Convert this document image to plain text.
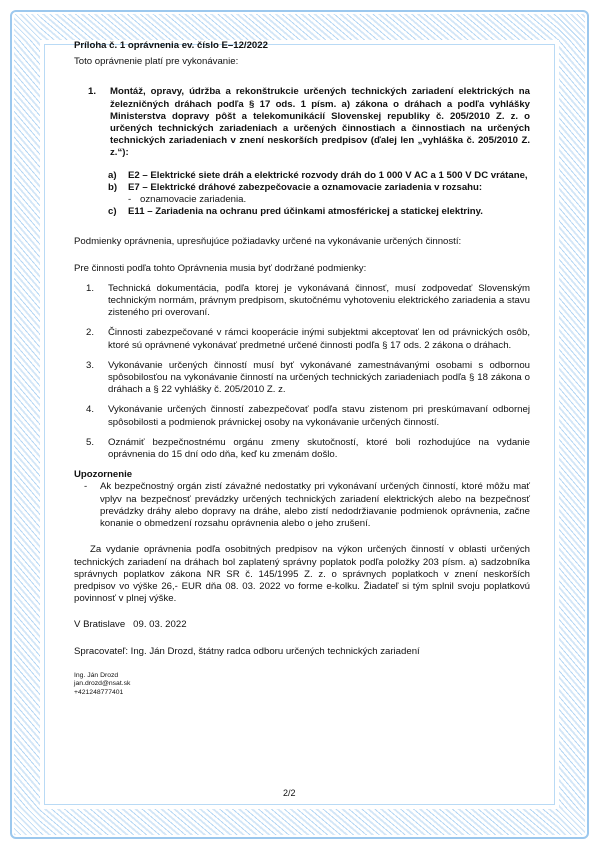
Príloha č. 1 oprávnenia ev. číslo E–12/2022

Toto oprávnenie platí pre vykonávanie:

1.	Montáž, opravy, údržba a rekonštrukcie určených technických zariadení elektrických na železničných dráhach podľa § 17 ods. 1 písm. a) zákona o dráhach a podľa vyhlášky Ministerstva dopravy pôšt a telekomunikácií Slovenskej republiky č. 205/2010 Z. z. o určených technických zariadeniach a určených činnostiach a činnostiach na určených technických zariadeniach v znení neskorších predpisov (ďalej len „vyhláška č. 205/2010 Z. z.“):
a)	E2 – Elektrické siete dráh a elektrické rozvody dráh do 1 000 V AC a 1 500 V DC vrátane,
b)	E7 – Elektrické dráhové zabezpečovacie a oznamovacie zariadenia v rozsahu:
- oznamovacie zariadenia.
c)	E11 – Zariadenia na ochranu pred účinkami atmosférickej a statickej elektriny.

Podmienky oprávnenia, upresňujúce požiadavky určené na vykonávanie určených činností:

Pre činnosti podľa tohto Oprávnenia musia byť dodržané podmienky:

1.	Technická dokumentácia, podľa ktorej je vykonávaná činnosť, musí zodpovedať Slovenským technickým normám, právnym predpisom, skutočnému vyhotoveniu elektrického zariadenia a stavu zisteného pri overovaní.
2.	Činnosti zabezpečované v rámci kooperácie inými subjektmi akceptovať len od právnických osôb, ktoré sú oprávnené vykonávať predmetné určené činnosti podľa § 17 ods. 2 zákona o dráhach.
3.	Vykonávanie určených činností musí byť vykonávané zamestnávanými osobami s odbornou spôsobilosťou na vykonávanie činností na určených technických zariadeniach podľa § 18 zákona o dráhach a § 22 vyhlášky č. 205/2010 Z. z.
4.	Vykonávanie určených činností zabezpečovať podľa stavu zistenom pri preskúmavaní odbornej spôsobilosti a podmienok právnickej osoby na vykonávanie určených činností.
5.	Oznámiť bezpečnostnému orgánu zmeny skutočností, ktoré boli rozhodujúce na vydanie oprávnenia do 15 dní odo dňa, keď ku zmenám došlo.

Upozornenie

-	Ak bezpečnostný orgán zistí závažné nedostatky pri vykonávaní určených činností, ktoré môžu mať vplyv na bezpečnosť prevádzky určených technických zariadení elektrických alebo na bezpečnosť prevádzky dráhy alebo dopravy na dráhe, alebo zistí nedodržiavanie podmienok oprávnenia, začne konanie o obmedzení rozsahu oprávnenia alebo o jeho zrušení.

Za vydanie oprávnenia podľa osobitných predpisov na výkon určených činností v oblasti určených technických zariadení na dráhach bol zaplatený správny poplatok podľa položky 203 písm. a) sadzobníka správnych poplatkov zákona NR SR č. 145/1995 Z. z. o správnych poplatkoch v znení neskorších predpisov vo výške 26,- EUR dňa 08. 03. 2022 vo forme e-kolku. Žiadateľ si tým splnil svoju poplatkovú povinnosť v plnej výške.

V Bratislave   09. 03. 2022

Spracovateľ: Ing. Ján Drozd, štátny radca odboru určených technických zariadení

Ing. Ján Drozd
jan.drozd@nsat.sk
+421248777401
2/2
